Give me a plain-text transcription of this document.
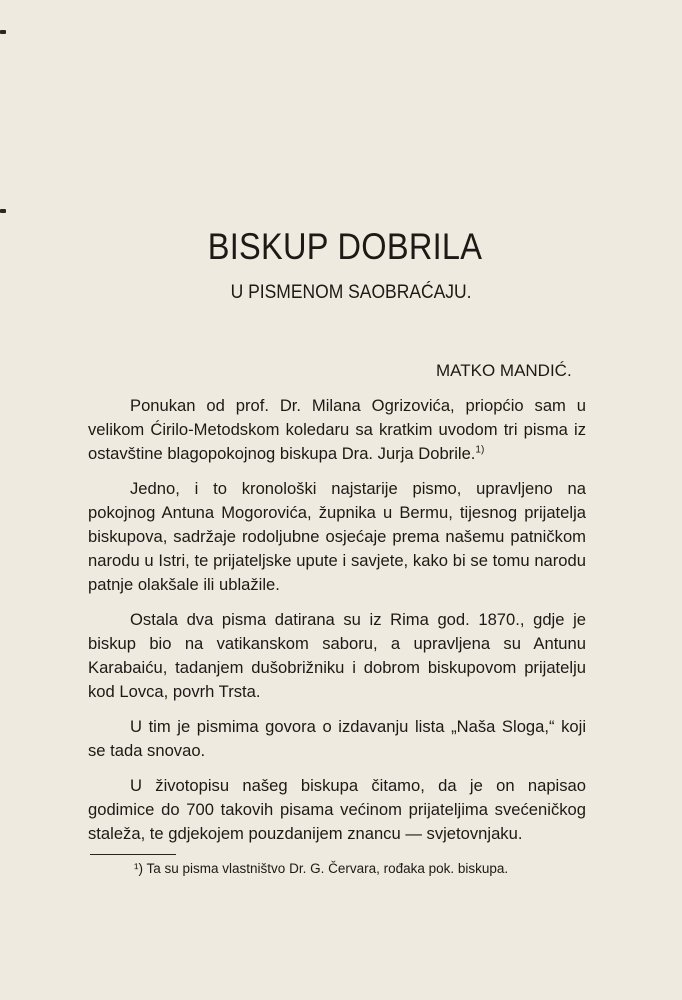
BISKUP DOBRILA
U PISMENOM SAOBRAĆAJU.
MATKO MANDIĆ.

Ponukan od prof. Dr. Milana Ogrizovića, priopćio sam u velikom Ćirilo-Metodskom koledaru sa kratkim uvodom tri pisma iz ostavštine blagopokojnog biskupa Dra. Jurja Dobrile.$^{1)}$

Jedno, i to kronološki najstarije pismo, upravljeno na pokojnog Antuna Mogorovića, župnika u Bermu, tijesnog prijatelja biskupova, sadržaje rodoljubne osjećaje prema našemu patničkom narodu u Istri, te prijateljske upute i savjete, kako bi se tomu narodu patnje olakšale ili ublažile.

Ostala dva pisma datirana su iz Rima god. 1870., gdje je biskup bio na vatikanskom saboru, a upravljena su Antunu Karabaiću, tadanjem dušobrižniku i dobrom biskupovom prijatelju kod Lovca, povrh Trsta.

U tim je pismima govora o izdavanju lista „Naša Sloga,“ koji se tada snovao.

U životopisu našeg biskupa čitamo, da je on napisao godimice do 700 takovih pisama većinom prijateljima svećeničkog staleža, te gdjekojem pouzdanijem znancu — svjetovnjaku.

¹) Ta su pisma vlastništvo Dr. G. Červara, rođaka pok. biskupa.
